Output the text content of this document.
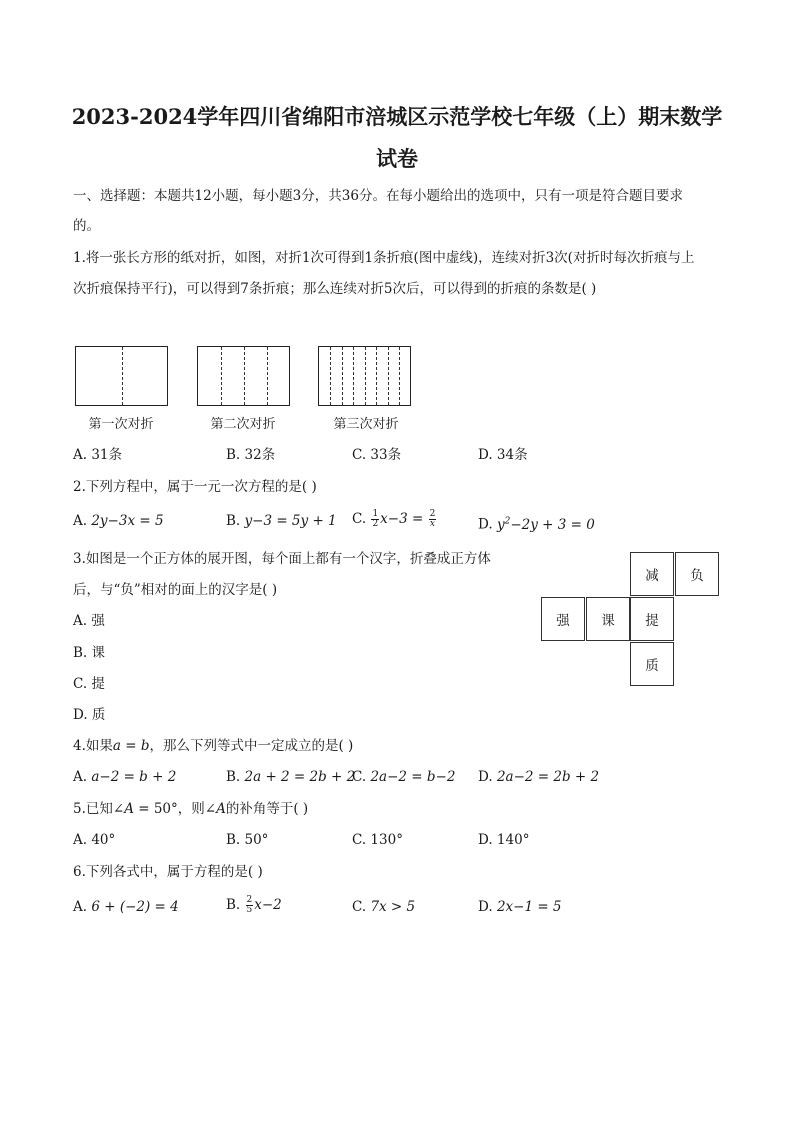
2023-2024学年四川省绵阳市涪城区示范学校七年级（上）期末数学
试卷
一、选择题：本题共12小题，每小题3分，共36分。在每小题给出的选项中，只有一项是符合题目要求
的。
1.将一张长方形的纸对折，如图，对折1次可得到1条折痕(图中虚线)，连续对折3次(对折时每次折痕与上
次折痕保持平行)，可以得到7条折痕；那么连续对折5次后，可以得到的折痕的条数是( )
第一次对折	第二次对折	第三次对折
A. 31条	B. 32条	C. 33条	D. 34条
2.下列方程中，属于一元一次方程的是( )
A. 2y−3x = 5	B. y−3 = 5y + 1 C. $\frac{1}{2} x-3 = \frac{2}{x}$	D. $y^2-2y + 3 = 0$
3.如图是一个正方体的展开图，每个面上都有一个汉字，折叠成正方体
后，与“负”相对的面上的汉字是( )
A. 强
B. 课
C. 提
D. 质
减	负
强	课	提
质
4.如果a = b，那么下列等式中一定成立的是( )
A. a−2 = b + 2	B. 2a + 2 = 2b + 2
C. 2a−2 = b−2 D. 2a−2 = 2b + 2
5.已知∠A = 50°，则∠A的补角等于( )
A. 40°	B. 50°	C. 130°	D. 140°
6.下列各式中，属于方程的是( )
A. 6 + (−2) = 4	B. $\frac{2}{5} x-2$	C. 7x > 5	D. 2x−1 = 5
